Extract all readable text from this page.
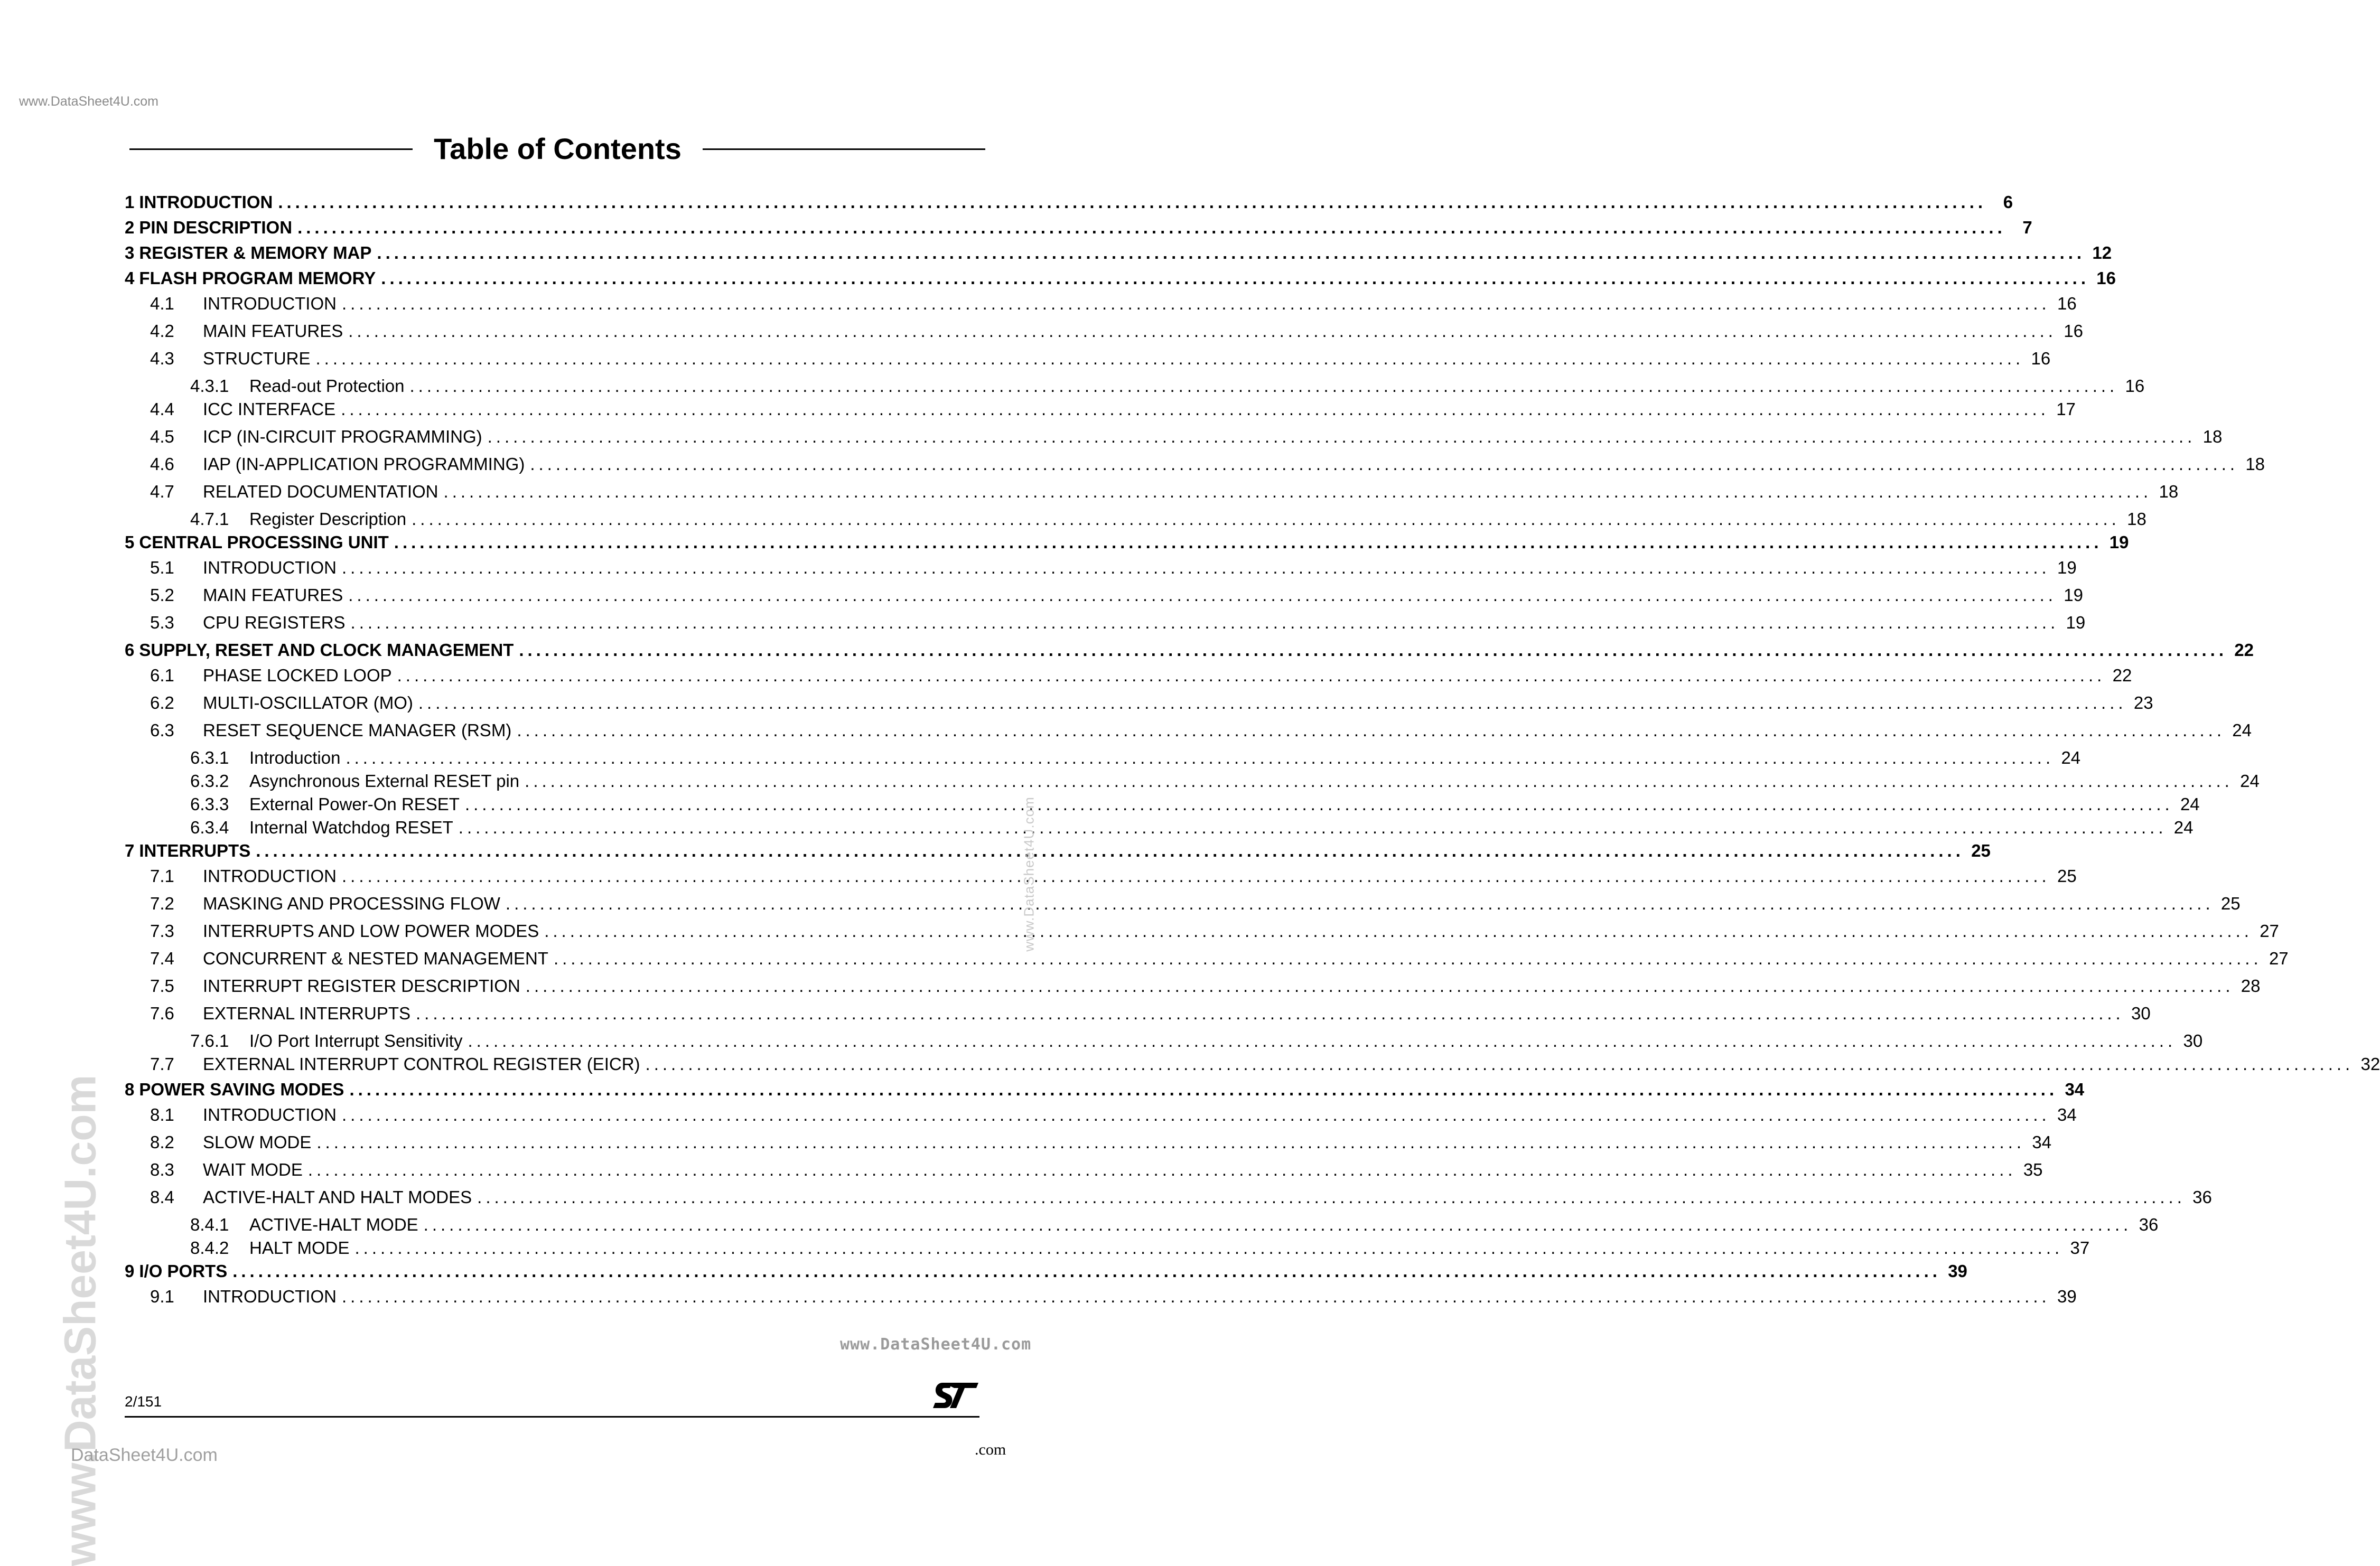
www.DataSheet4U.com
Table of Contents
1 INTRODUCTION ........................................................................................................................................................................................................ 6
2 PIN DESCRIPTION ........................................................................................................................................................................................................ 7
3 REGISTER & MEMORY MAP ........................................................................................................................................................................................................ 12
4 FLASH PROGRAM MEMORY ........................................................................................................................................................................................................ 16
4.1	INTRODUCTION ........................................................................................................................................................................................................ 16
4.2	MAIN FEATURES ........................................................................................................................................................................................................ 16
4.3	STRUCTURE ........................................................................................................................................................................................................ 16
4.3.1	Read-out Protection ........................................................................................................................................................................................................ 16
4.4	ICC INTERFACE ........................................................................................................................................................................................................ 17
4.5	ICP (IN-CIRCUIT PROGRAMMING) ........................................................................................................................................................................................................ 18
4.6	IAP (IN-APPLICATION PROGRAMMING) ........................................................................................................................................................................................................ 18
4.7	RELATED DOCUMENTATION ........................................................................................................................................................................................................ 18
4.7.1	Register Description ........................................................................................................................................................................................................ 18
5 CENTRAL PROCESSING UNIT ........................................................................................................................................................................................................ 19
5.1	INTRODUCTION ........................................................................................................................................................................................................ 19
5.2	MAIN FEATURES ........................................................................................................................................................................................................ 19
5.3	CPU REGISTERS ........................................................................................................................................................................................................ 19
6 SUPPLY, RESET AND CLOCK MANAGEMENT ........................................................................................................................................................................................................ 22
6.1	PHASE LOCKED LOOP ........................................................................................................................................................................................................ 22
6.2	MULTI-OSCILLATOR (MO) ........................................................................................................................................................................................................ 23
6.3	RESET SEQUENCE MANAGER (RSM) ........................................................................................................................................................................................................ 24
6.3.1	Introduction ........................................................................................................................................................................................................ 24
6.3.2	Asynchronous External RESET pin ........................................................................................................................................................................................................ 24
6.3.3	External Power-On RESET ........................................................................................................................................................................................................ 24
6.3.4	Internal Watchdog RESET ........................................................................................................................................................................................................ 24
7 INTERRUPTS ........................................................................................................................................................................................................ 25
7.1	INTRODUCTION ........................................................................................................................................................................................................ 25
7.2	MASKING AND PROCESSING FLOW ........................................................................................................................................................................................................ 25
7.3	INTERRUPTS AND LOW POWER MODES ........................................................................................................................................................................................................ 27
7.4	CONCURRENT & NESTED MANAGEMENT ........................................................................................................................................................................................................ 27
7.5	INTERRUPT REGISTER DESCRIPTION ........................................................................................................................................................................................................ 28
7.6	EXTERNAL INTERRUPTS ........................................................................................................................................................................................................ 30
7.6.1	I/O Port Interrupt Sensitivity ........................................................................................................................................................................................................ 30
7.7	EXTERNAL INTERRUPT CONTROL REGISTER (EICR) ........................................................................................................................................................................................................ 32
8 POWER SAVING MODES ........................................................................................................................................................................................................ 34
8.1	INTRODUCTION ........................................................................................................................................................................................................ 34
8.2	SLOW MODE ........................................................................................................................................................................................................ 34
8.3	WAIT MODE ........................................................................................................................................................................................................ 35
8.4	ACTIVE-HALT AND HALT MODES ........................................................................................................................................................................................................ 36
8.4.1	ACTIVE-HALT MODE ........................................................................................................................................................................................................ 36
8.4.2	HALT MODE ........................................................................................................................................................................................................ 37
9 I/O PORTS ........................................................................................................................................................................................................ 39
9.1	INTRODUCTION ........................................................................................................................................................................................................ 39
www.DataSheet4U.com
www.DataSheet4U.com	www.DataSheet4U.com
2/151
DataSheet4U.com	.com
